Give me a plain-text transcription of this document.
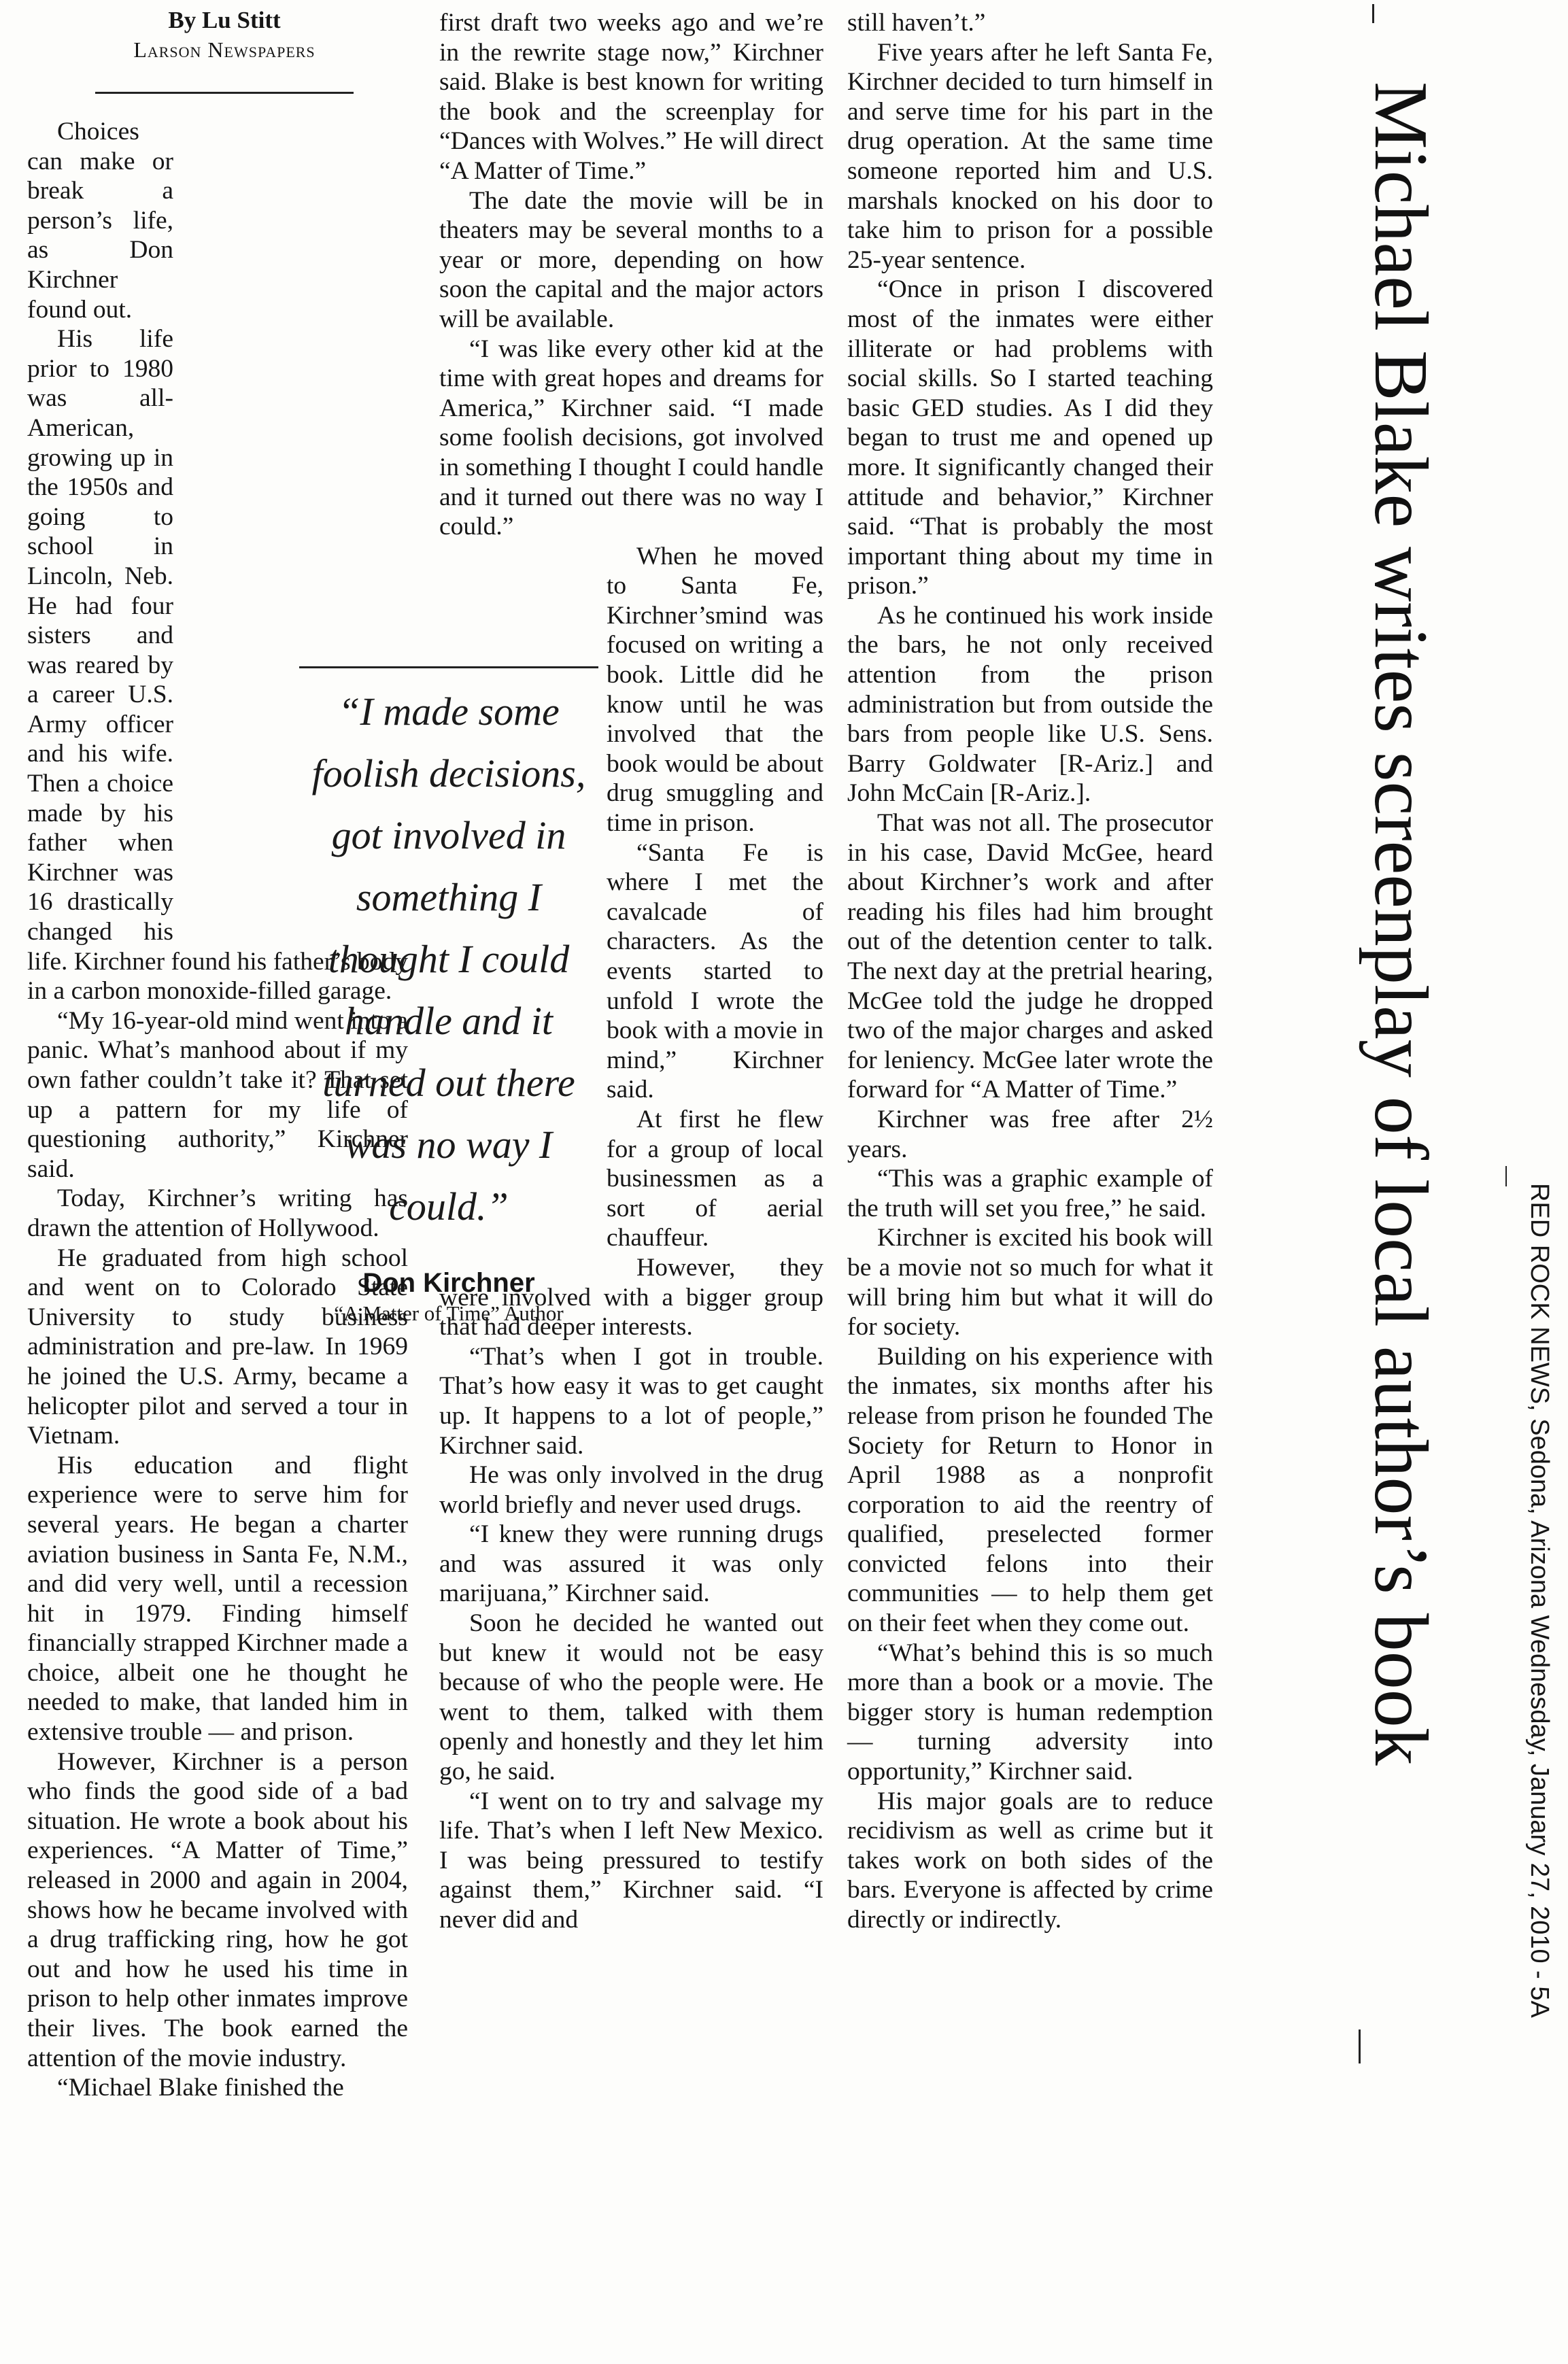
By Lu Stitt
Larson Newspapers

Choices can make or break a person’s life, as Don Kirchner found out.

His life prior to 1980 was all-American, growing up in the 1950s and going to school in Lincoln, Neb. He had four sisters and was reared by a career U.S. Army officer and his wife. Then a choice made by his father when Kirchner was 16 drastically changed his life. Kirchner found his father’s body in a carbon monoxide-filled garage.

“My 16-year-old mind went into a panic. What’s manhood about if my own father couldn’t take it? That set up a pattern for my life of questioning authority,” Kirchner said.

Today, Kirchner’s writing has drawn the attention of Hollywood.

He graduated from high school and went on to Colorado State University to study business administration and pre-law. In 1969 he joined the U.S. Army, became a helicopter pilot and served a tour in Vietnam.

His education and flight experience were to serve him for several years. He began a charter aviation business in Santa Fe, N.M., and did very well, until a recession hit in 1979. Finding himself financially strapped Kirchner made a choice, albeit one he thought he needed to make, that landed him in extensive trouble — and prison.

However, Kirchner is a person who finds the good side of a bad situation. He wrote a book about his experiences. “A Matter of Time,” released in 2000 and again in 2004, shows how he became involved with a drug trafficking ring, how he got out and how he used his time in prison to help other inmates improve their lives. The book earned the attention of the movie industry.

“Michael Blake finished the

first draft two weeks ago and we’re in the rewrite stage now,” Kirchner said. Blake is best known for writing the book and the screenplay for “Dances with Wolves.” He will direct “A Matter of Time.”

The date the movie will be in theaters may be several months to a year or more, depending on how soon the capital and the major actors will be available.

“I was like every other kid at the time with great hopes and dreams for America,” Kirchner said. “I made some foolish decisions, got involved in something I thought I could handle and it turned out there was no way I could.”

When he moved to Santa Fe, Kirchner’smind was focused on writing a book. Little did he know until he was involved that the book would be about drug smuggling and time in prison.

“Santa Fe is where I met the cavalcade of characters. As the events started to unfold I wrote the book with a movie in mind,” Kirchner said.

At first he flew for a group of local businessmen as a sort of aerial chauffeur.

However, they were involved with a bigger group that had deeper interests.

“That’s when I got in trouble. That’s how easy it was to get caught up. It happens to a lot of people,” Kirchner said.

He was only involved in the drug world briefly and never used drugs.

“I knew they were running drugs and was assured it was only marijuana,” Kirchner said.

Soon he decided he wanted out but knew it would not be easy because of who the people were. He went to them, talked with them openly and honestly and they let him go, he said.

“I went on to try and salvage my life. That’s when I left New Mexico. I was being pressured to testify against them,” Kirchner said. “I never did and

still haven’t.”

Five years after he left Santa Fe, Kirchner decided to turn himself in and serve time for his part in the drug operation. At the same time someone reported him and U.S. marshals knocked on his door to take him to prison for a possible 25-year sentence.

“Once in prison I discovered most of the inmates were either illiterate or had problems with social skills. So I started teaching basic GED studies. As I did they began to trust me and opened up more. It significantly changed their attitude and behavior,” Kirchner said. “That is probably the most important thing about my time in prison.”

As he continued his work inside the bars, he not only received attention from the prison administration but from outside the bars from people like U.S. Sens. Barry Goldwater [R-Ariz.] and John McCain [R-Ariz.].

That was not all. The prosecutor in his case, David McGee, heard about Kirchner’s work and after reading his files had him brought out of the detention center to talk. The next day at the pretrial hearing, McGee told the judge he dropped two of the major charges and asked for leniency. McGee later wrote the forward for “A Matter of Time.”

Kirchner was free after 2½ years.

“This was a graphic example of the truth will set you free,” he said.

Kirchner is excited his book will be a movie not so much for what it will bring him but what it will do for society.

Building on his experience with the inmates, six months after his release from prison he founded The Society for Return to Honor in April 1988 as a nonprofit corporation to aid the reentry of qualified, preselected former convicted felons into their communities — to help them get on their feet when they come out.

“What’s behind this is so much more than a book or a movie. The bigger story is human redemption — turning adversity into opportunity,” Kirchner said.

His major goals are to reduce recidivism as well as crime but it takes work on both sides of the bars. Everyone is affected by crime directly or indirectly.

“I made some foolish decisions, got involved in something I thought I could handle and it turned out there was no way I could.”

Don Kirchner
“A Matter of Time” Author	Michael Blake writes screenplay of local author’s book	RED ROCK NEWS, Sedona, Arizona Wednesday, January 27, 2010 - 5A
